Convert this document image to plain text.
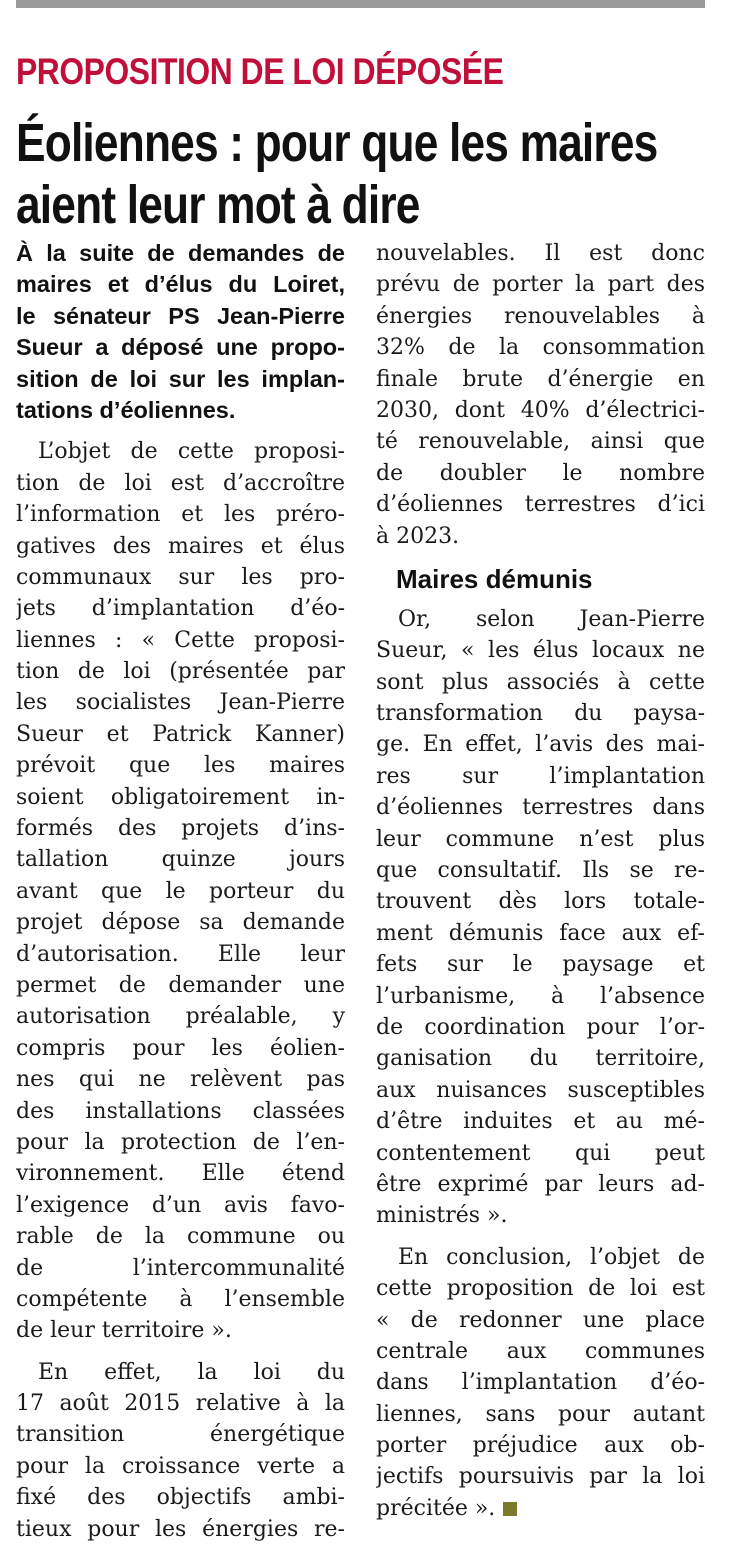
PROPOSITION DE LOI DÉPOSÉE
Éoliennes : pour que les maires
aient leur mot à dire
À la suite de demandes de
maires et d’élus du Loiret,
le sénateur PS Jean-Pierre
Sueur a déposé une propo-
sition de loi sur les implan-
tations d’éoliennes.
L’objet de cette proposi-
tion de loi est d’accroître
l’information et les préro-
gatives des maires et élus
communaux sur les pro-
jets d’implantation d’éo-
liennes : « Cette proposi-
tion de loi (présentée par
les socialistes Jean-Pierre
Sueur et Patrick Kanner)
prévoit que les maires
soient obligatoirement in-
formés des projets d’ins-
tallation quinze jours
avant que le porteur du
projet dépose sa demande
d’autorisation. Elle leur
permet de demander une
autorisation préalable, y
compris pour les éolien-
nes qui ne relèvent pas
des installations classées
pour la protection de l’en-
vironnement. Elle étend
l’exigence d’un avis favo-
rable de la commune ou
de l’intercommunalité
compétente à l’ensemble
de leur territoire ».
En effet, la loi du
17 août 2015 relative à la
transition énergétique
pour la croissance verte a
fixé des objectifs ambi-
tieux pour les énergies re-
nouvelables. Il est donc
prévu de porter la part des
énergies renouvelables à
32% de la consommation
finale brute d’énergie en
2030, dont 40% d’électrici-
té renouvelable, ainsi que
de doubler le nombre
d’éoliennes terrestres d’ici
à 2023.
Maires démunis
Or, selon Jean-Pierre
Sueur, « les élus locaux ne
sont plus associés à cette
transformation du paysa-
ge. En effet, l’avis des mai-
res sur l’implantation
d’éoliennes terrestres dans
leur commune n’est plus
que consultatif. Ils se re-
trouvent dès lors totale-
ment démunis face aux ef-
fets sur le paysage et
l’urbanisme, à l’absence
de coordination pour l’or-
ganisation du territoire,
aux nuisances susceptibles
d’être induites et au mé-
contentement qui peut
être exprimé par leurs ad-
ministrés ».
En conclusion, l’objet de
cette proposition de loi est
« de redonner une place
centrale aux communes
dans l’implantation d’éo-
liennes, sans pour autant
porter préjudice aux ob-
jectifs poursuivis par la loi
précitée ».
